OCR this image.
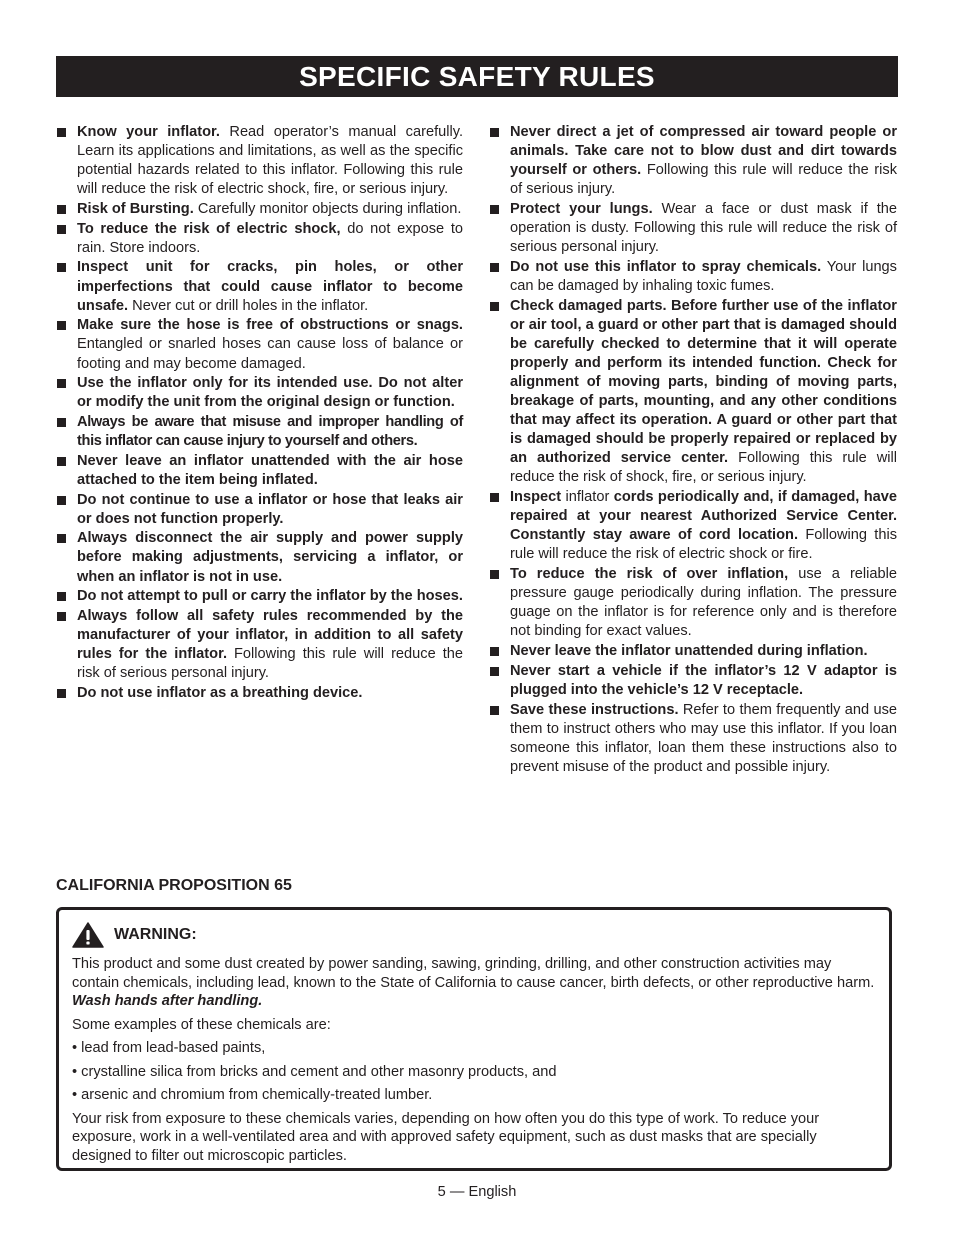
SPECIFIC SAFETY RULES
Know your inflator. Read operator’s manual carefully. Learn its applications and limitations, as well as the specific potential hazards related to this inflator. Following this rule will reduce the risk of electric shock, fire, or serious injury.
Risk of Bursting. Carefully monitor objects during inflation.
To reduce the risk of electric shock, do not expose to rain. Store indoors.
Inspect unit for cracks, pin holes, or other imperfections that could cause inflator to become unsafe. Never cut or drill holes in the inflator.
Make sure the hose is free of obstructions or snags. Entangled or snarled hoses can cause loss of balance or footing and may become damaged.
Use the inflator only for its intended use. Do not alter or modify the unit from the original design or function.
Always be aware that misuse and improper handling of this inflator can cause injury to yourself and others.
Never leave an inflator unattended with the air hose attached to the item being inflated.
Do not continue to use a inflator or hose that leaks air or does not function properly.
Always disconnect the air supply and power supply before making adjustments, servicing a inflator, or when an inflator is not in use.
Do not attempt to pull or carry the inflator by the hoses.
Always follow all safety rules recommended by the manufacturer of your inflator, in addition to all safety rules for the inflator. Following this rule will reduce the risk of serious personal injury.
Do not use inflator as a breathing device.
Never direct a jet of compressed air toward people or animals. Take care not to blow dust and dirt towards yourself or others. Following this rule will reduce the risk of serious injury.
Protect your lungs. Wear a face or dust mask if the operation is dusty. Following this rule will reduce the risk of serious personal injury.
Do not use this inflator to spray chemicals. Your lungs can be damaged by inhaling toxic fumes.
Check damaged parts. Before further use of the inflator or air tool, a guard or other part that is damaged should be carefully checked to determine that it will operate properly and perform its intended function. Check for alignment of moving parts, binding of moving parts, breakage of parts, mounting, and any other conditions that may affect its operation. A guard or other part that is damaged should be properly repaired or replaced by an authorized service center. Following this rule will reduce the risk of shock, fire, or serious injury.
Inspect inflator cords periodically and, if damaged, have repaired at your nearest Authorized Service Center. Constantly stay aware of cord location. Following this rule will reduce the risk of electric shock or fire.
To reduce the risk of over inflation, use a reliable pressure gauge periodically during inflation. The pressure guage on the inflator is for reference only and is therefore not binding for exact values.
Never leave the inflator unattended during inflation.
Never start a vehicle if the inflator’s 12 V adaptor is plugged into the vehicle’s 12 V receptacle.
Save these instructions. Refer to them frequently and use them to instruct others who may use this inflator. If you loan someone this inflator, loan them these instructions also to prevent misuse of the product and possible injury.
CALIFORNIA PROPOSITION 65
WARNING:

This product and some dust created by power sanding, sawing, grinding, drilling, and other construction activities may contain chemicals, including lead, known to the State of California to cause cancer, birth defects, or other reproductive harm. Wash hands after handling.

Some examples of these chemicals are:

• lead from lead-based paints,

• crystalline silica from bricks and cement and other masonry products, and

• arsenic and chromium from chemically-treated lumber.

Your risk from exposure to these chemicals varies, depending on how often you do this type of work. To reduce your exposure, work in a well-ventilated area and with approved safety equipment, such as dust masks that are specially designed to filter out microscopic particles.

5 — English
